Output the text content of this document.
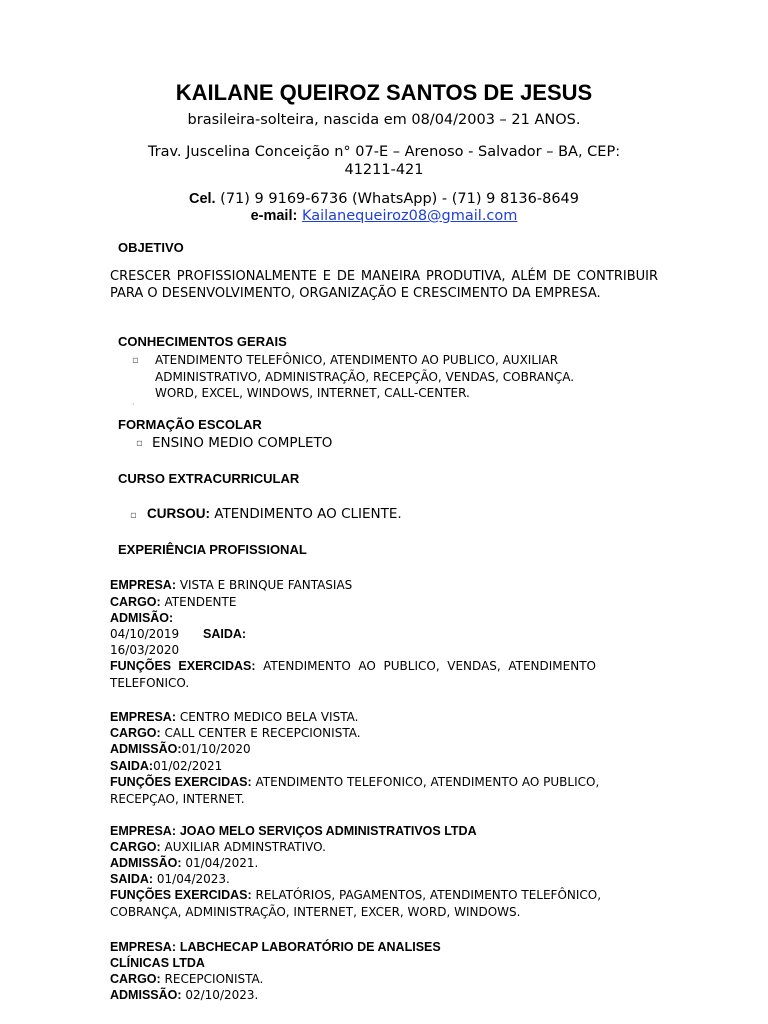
KAILANE QUEIROZ SANTOS DE JESUS
brasileira-solteira, nascida em 08/04/2003 – 21 ANOS.
Trav. Juscelina Conceição n° 07-E – Arenoso - Salvador – BA, CEP:
41211-421
Cel. (71) 9 9169-6736 (WhatsApp) - (71) 9 8136-8649
e-mail: Kailanequeiroz08@gmail.com
OBJETIVO
CRESCER PROFISSIONALMENTE E DE MANEIRA PRODUTIVA, ALÉM DE CONTRIBUIR PARA O DESENVOLVIMENTO, ORGANIZAÇÃO E CRESCIMENTO DA EMPRESA.
CONHECIMENTOS GERAIS
▫ ATENDIMENTO TELEFÔNICO, ATENDIMENTO AO PUBLICO, AUXILIAR
ADMINISTRATIVO, ADMINISTRAÇÃO, RECEPÇÃO, VENDAS, COBRANÇA.
WORD, EXCEL, WINDOWS, INTERNET, CALL-CENTER.
·
FORMAÇÃO ESCOLAR
▫ ENSINO MEDIO COMPLETO
CURSO EXTRACURRICULAR
▫ CURSOU: ATENDIMENTO AO CLIENTE.
EXPERIÊNCIA PROFISSIONAL
EMPRESA: VISTA E BRINQUE FANTASIAS
CARGO: ATENDENTE
ADMISÃO:
04/10/2019 SAIDA:
16/03/2020
FUNÇÕES EXERCIDAS: ATENDIMENTO AO PUBLICO, VENDAS, ATENDIMENTO TELEFONICO.
EMPRESA: CENTRO MEDICO BELA VISTA.
CARGO: CALL CENTER E RECEPCIONISTA.
ADMISSÃO:01/10/2020
SAIDA:01/02/2021
FUNÇÕES EXERCIDAS: ATENDIMENTO TELEFONICO, ATENDIMENTO AO PUBLICO, RECEPÇAO, INTERNET.
EMPRESA: JOAO MELO SERVIÇOS ADMINISTRATIVOS LTDA
CARGO: AUXILIAR ADMINSTRATIVO.
ADMISSÃO: 01/04/2021.
SAIDA: 01/04/2023.
FUNÇÕES EXERCIDAS: RELATÓRIOS, PAGAMENTOS, ATENDIMENTO TELEFÔNICO, COBRANÇA, ADMINISTRAÇÃO, INTERNET, EXCER, WORD, WINDOWS.
EMPRESA: LABCHECAP LABORATÓRIO DE ANALISES
CLÍNICAS LTDA
CARGO: RECEPCIONISTA.
ADMISSÃO: 02/10/2023.
